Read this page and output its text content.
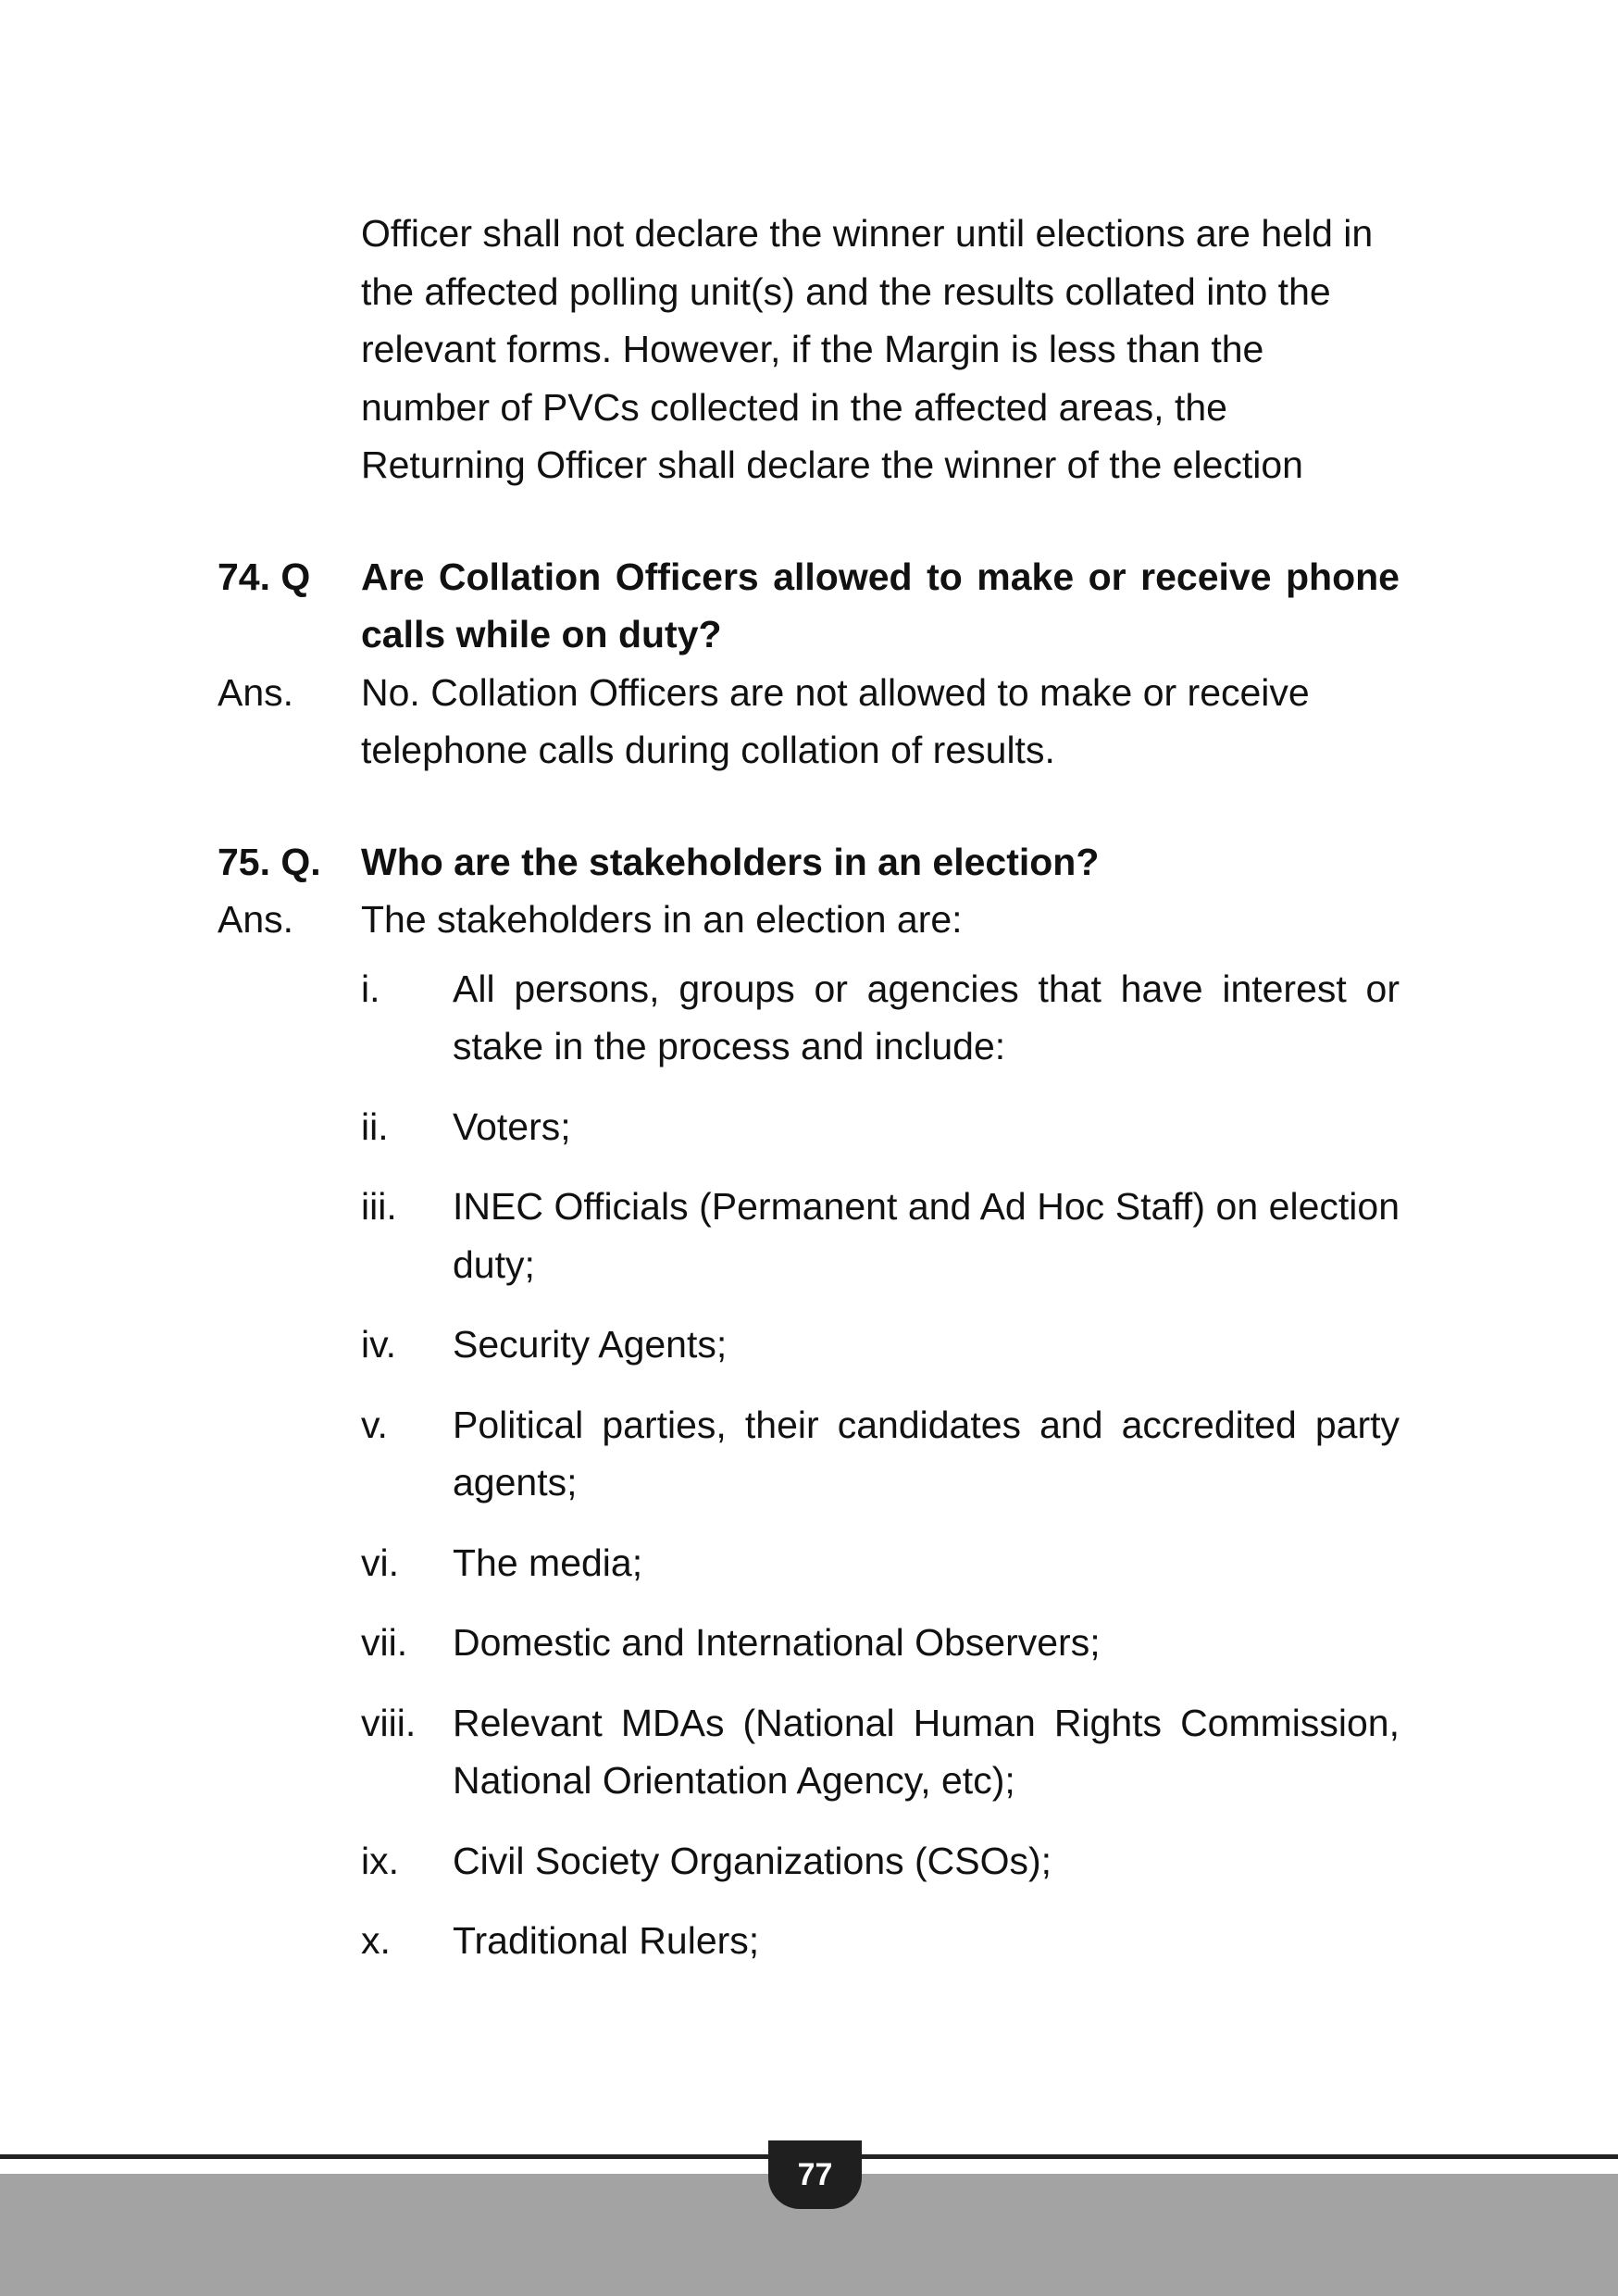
Officer shall not declare the winner until elections are held in the affected polling unit(s) and the results collated into the relevant forms. However, if the Margin is less than the number of PVCs collected in the affected areas, the Returning Officer shall declare the winner of the election
74. Q	Are Collation Officers allowed to make or receive phone calls while on duty?
Ans.	No. Collation Officers are not allowed to make or receive telephone calls during collation of results.
75. Q.	Who are the stakeholders in an election?
Ans.	The stakeholders in an election are:
i.	All persons, groups or agencies that have interest or stake in the process and include:
ii.	Voters;
iii.	INEC Officials (Permanent and Ad Hoc Staff) on election duty;
iv.	Security Agents;
v.	Political parties, their candidates and accredited party agents;
vi.	The media;
vii.	Domestic and International Observers;
viii. Relevant MDAs (National Human Rights Commission, National Orientation Agency, etc);
ix.	Civil Society Organizations (CSOs);
x.	Traditional Rulers;
77
